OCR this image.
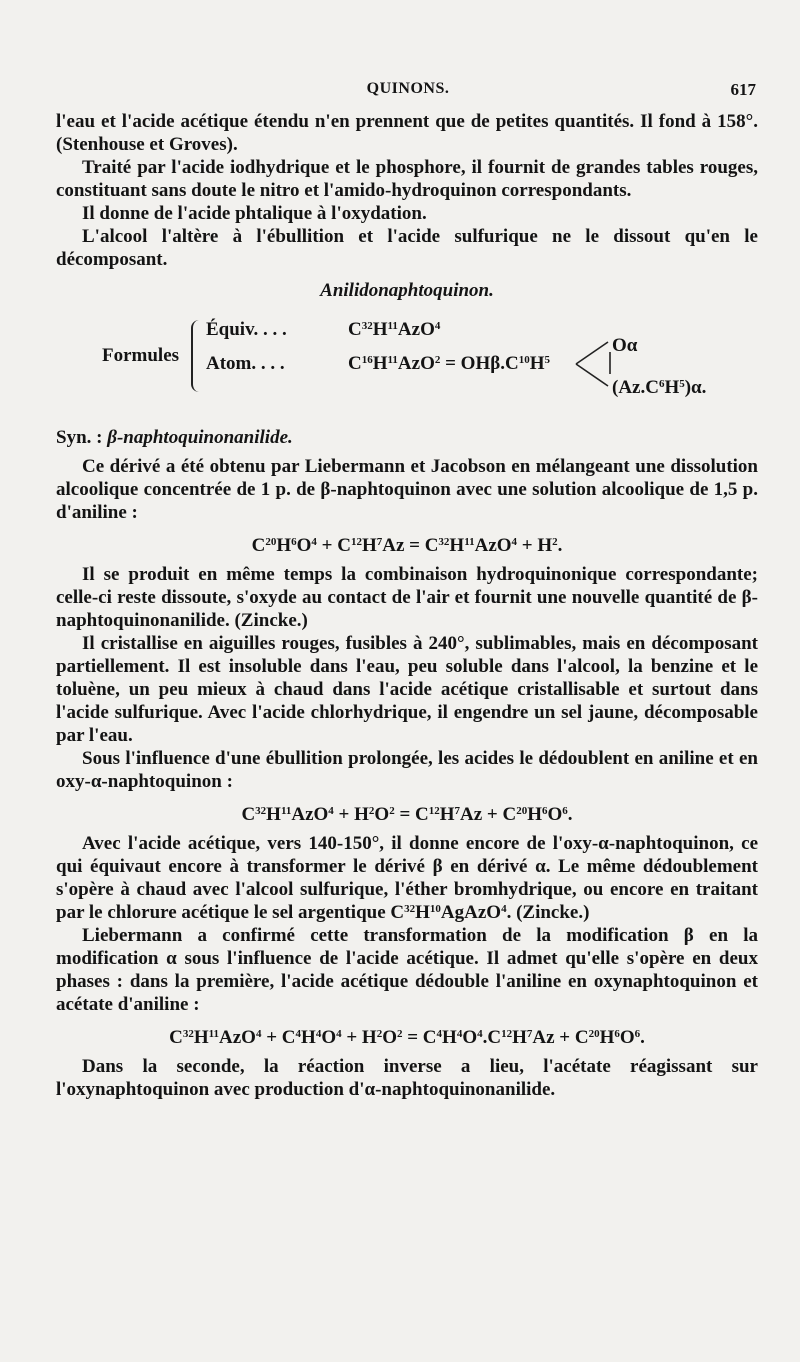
QUINONS.	617

l'eau et l'acide acétique étendu n'en prennent que de petites quantités. Il fond à 158°. (Stenhouse et Groves).

Traité par l'acide iodhydrique et le phosphore, il fournit de grandes tables rouges, constituant sans doute le nitro et l'amido-hydroquinon correspondants.

Il donne de l'acide phtalique à l'oxydation.

L'alcool l'altère à l'ébullition et l'acide sulfurique ne le dissout qu'en le décomposant.

Anilidonaphtoquinon.
Formules
Équiv. . . .	$C^{32}H^{11}AzO^4$
Atom. . . .	$C^{16}H^{11}AzO^2 = OH\beta.C^{10}H^5$
Oα
$(Az.C^6H^5)\alpha$.

Syn. : β-naphtoquinonanilide.

Ce dérivé a été obtenu par Liebermann et Jacobson en mélangeant une dissolution alcoolique concentrée de 1 p. de β-naphtoquinon avec une solution alcoolique de 1,5 p. d'aniline :

$C^{20}H^6O^4 + C^{12}H^7Az = C^{32}H^{11}AzO^4 + H^2$.

Il se produit en même temps la combinaison hydroquinonique correspondante; celle-ci reste dissoute, s'oxyde au contact de l'air et fournit une nouvelle quantité de β-naphtoquinonanilide. (Zincke.)

Il cristallise en aiguilles rouges, fusibles à 240°, sublimables, mais en décomposant partiellement. Il est insoluble dans l'eau, peu soluble dans l'alcool, la benzine et le toluène, un peu mieux à chaud dans l'acide acétique cristallisable et surtout dans l'acide sulfurique. Avec l'acide chlorhydrique, il engendre un sel jaune, décomposable par l'eau.

Sous l'influence d'une ébullition prolongée, les acides le dédoublent en aniline et en oxy-α-naphtoquinon :

$C^{32}H^{11}AzO^4 + H^2O^2 = C^{12}H^7Az + C^{20}H^6O^6$.

Avec l'acide acétique, vers 140-150°, il donne encore de l'oxy-α-naphtoquinon, ce qui équivaut encore à transformer le dérivé β en dérivé α. Le même dédoublement s'opère à chaud avec l'alcool sulfurique, l'éther bromhydrique, ou encore en traitant par le chlorure acétique le sel argentique $C^{32}H^{10}AgAzO^4$. (Zincke.)

Liebermann a confirmé cette transformation de la modification β en la modification α sous l'influence de l'acide acétique. Il admet qu'elle s'opère en deux phases : dans la première, l'acide acétique dédouble l'aniline en oxynaphtoquinon et acétate d'aniline :

$C^{32}H^{11}AzO^4 + C^4H^4O^4 + H^2O^2 = C^4H^4O^4.C^{12}H^7Az + C^{20}H^6O^6$.

Dans la seconde, la réaction inverse a lieu, l'acétate réagissant sur l'oxynaphtoquinon avec production d'α-naphtoquinonanilide.
